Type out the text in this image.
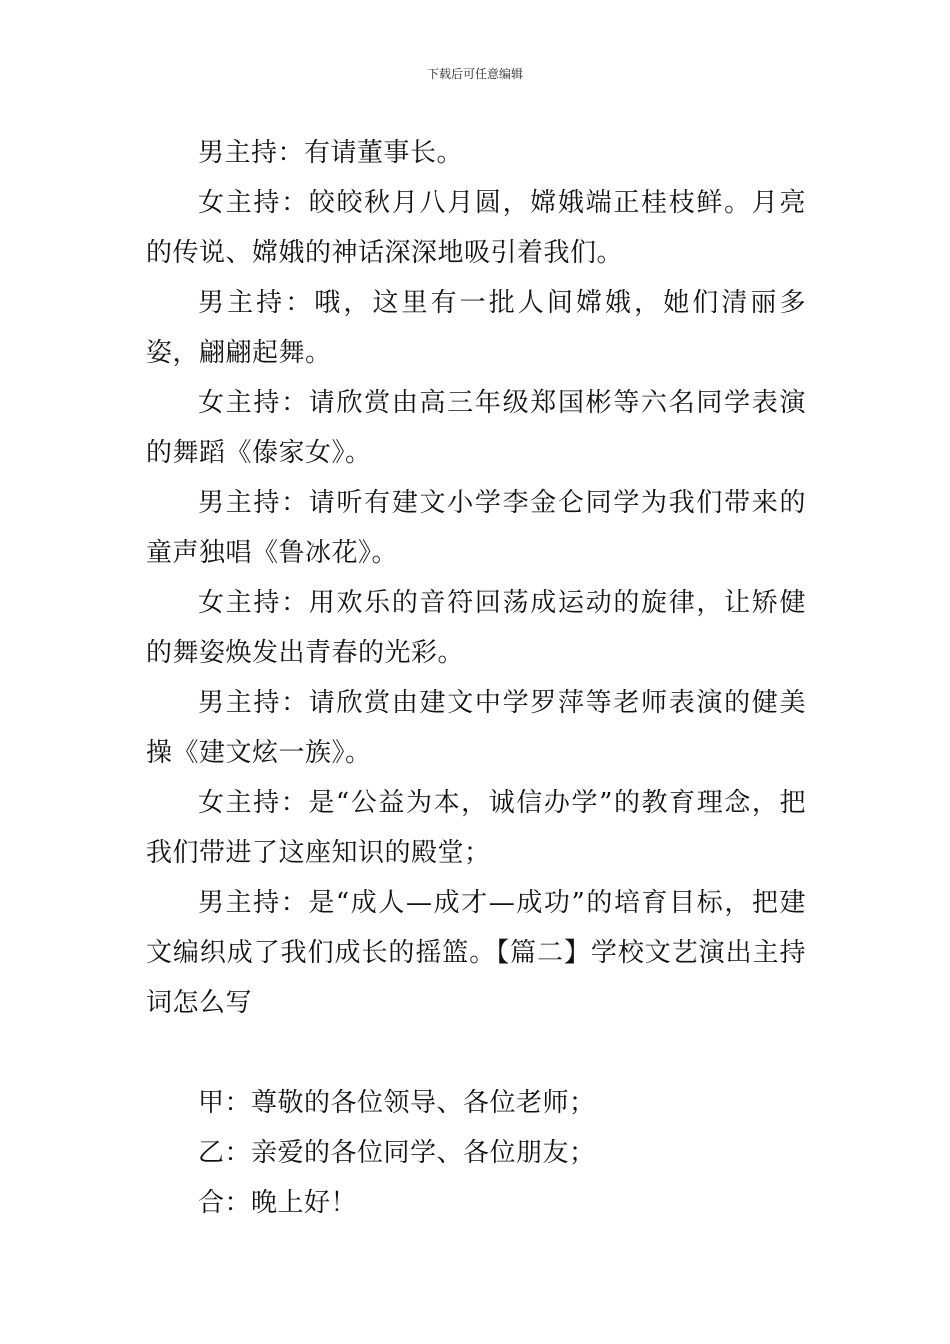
下载后可任意编辑

男主持：有请董事长。

女主持：皎皎秋月八月圆，嫦娥端正桂枝鲜。月亮的传说、嫦娥的神话深深地吸引着我们。

男主持：哦，这里有一批人间嫦娥，她们清丽多姿，翩翩起舞。

女主持：请欣赏由高三年级郑国彬等六名同学表演的舞蹈《傣家女》。

男主持：请听有建文小学李金仑同学为我们带来的童声独唱《鲁冰花》。

女主持：用欢乐的音符回荡成运动的旋律，让矫健的舞姿焕发出青春的光彩。

男主持：请欣赏由建文中学罗萍等老师表演的健美操《建文炫一族》。

女主持：是“公益为本，诚信办学”的教育理念，把我们带进了这座知识的殿堂；

男主持：是“成人—成才—成功”的培育目标，把建文编织成了我们成长的摇篮。【篇二】学校文艺演出主持词怎么写

甲：尊敬的各位领导、各位老师；

乙：亲爱的各位同学、各位朋友；

合：晚上好！
